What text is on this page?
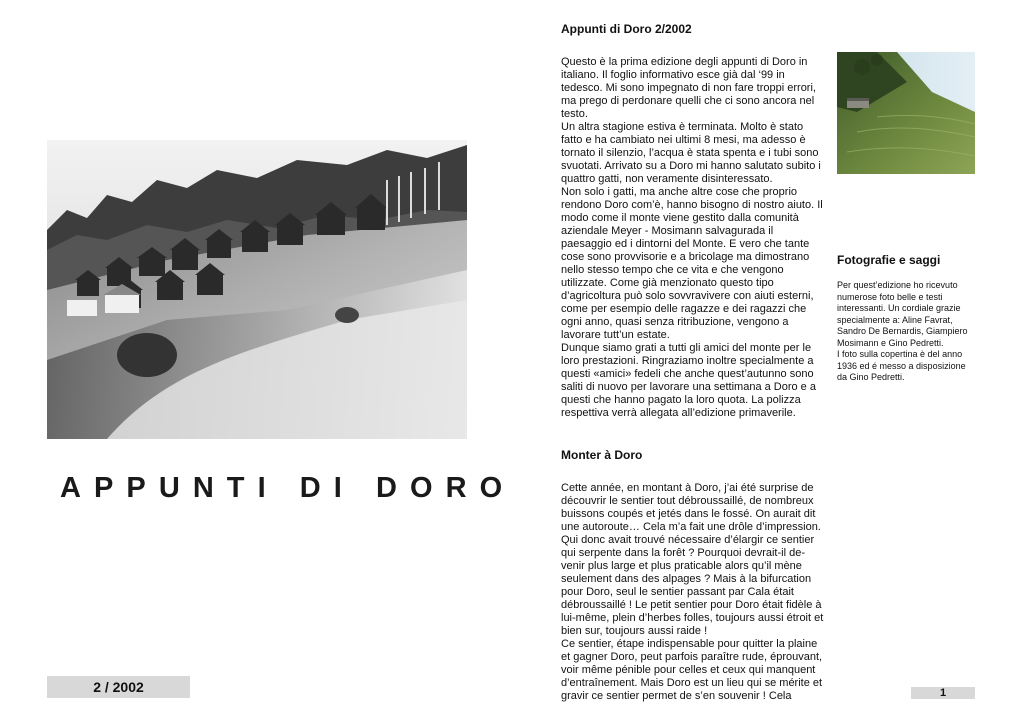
APPUNTI DI DORO
2 / 2002
Appunti di Doro 2/2002

Questo è la prima edizione degli appunti di Doro in italiano. Il foglio informativo esce già dal ‘99 in tedesco. Mi sono impegnato di non fare troppi errori, ma prego di perdonare quelli che ci sono ancora nel testo.

Un altra stagione estiva è terminata. Molto è stato fatto e ha cambiato nei ultimi 8 mesi, ma adesso è tornato il silenzio, l’acqua è stata spenta e i tubi sono svuotati. Arrivato su a Doro mi hanno salutato subito i quattro gatti, non veramente disinteressato.

Non solo i gatti, ma anche altre cose che proprio rendono Doro com’è, hanno bisogno di nostro aiuto. Il modo come il monte viene gestito dalla comunità aziendale Meyer - Mosimann salvagurada il paesaggio ed i dintorni del Monte. E vero che tante cose sono provvisorie e a bricolage ma dimostrano nello stesso tempo che ce vita e che vengono utilizzate. Come già menzionato questo tipo d’agricoltura può solo sovvravivere con aiuti esterni, come per esempio delle ragazze e dei ragazzi che ogni anno, quasi senza ritribuzione, vengono a lavorare tutt’un estate.

Dunque siamo grati a tutti gli amici del monte per le loro prestazioni. Ringraziamo inoltre specialmente a questi «amici» fedeli che anche quest’autunno sono saliti di nuovo per lavorare una settimana a Doro e a questi che hanno pagato la loro quota. La polizza respettiva verrà allegata all’edizione primaverile.

Monter à Doro

Cette année, en montant à Doro, j’ai été surprise de découvrir le sentier tout débroussaillé, de nombreux buissons coupés et jetés dans le fossé. On aurait dit une autoroute… Cela m’a fait une drôle d’impression. Qui donc avait trouvé nécessaire d’élargir ce sentier qui serpente dans la forêt ? Pourquoi devrait-il de-venir plus large et plus praticable alors qu’il mène seulement dans des alpages ? Mais à la bifurcation pour Doro, seul le sentier passant par Cala était débroussaillé ! Le petit sentier pour Doro était fidèle à lui-même, plein d’herbes folles, toujours aussi étroit et bien sur, toujours aussi raide !

Ce sentier, étape indispensable pour quitter la plaine et gagner Doro, peut parfois paraître rude, éprouvant, voir même pénible pour celles et ceux qui manquent d’entraînement. Mais Doro est un lieu qui se mérite et gravir ce sentier permet de s’en souvenir ! Cela

Fotografie e saggi

Per quest’edizione ho ricevuto numerose foto belle e testi interessanti. Un cordiale grazie specialmente a: Aline Favrat, Sandro De Bernardis, Giampiero Mosimann e Gino Pedretti.

I foto sulla copertina è del anno 1936 ed é messo a disposizione da Gino Pedretti.

1
